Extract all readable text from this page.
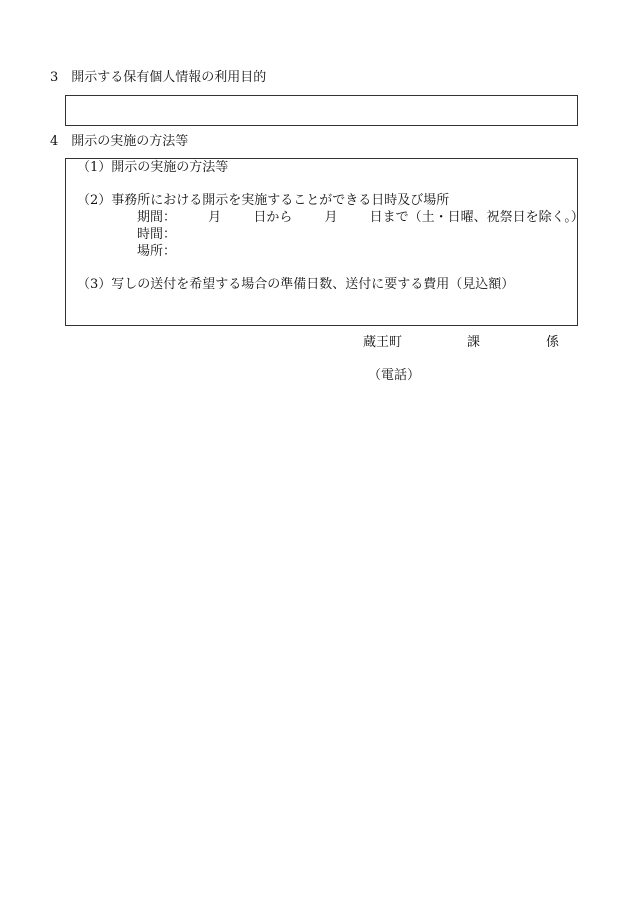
3　開示する保有個人情報の利用目的
4　開示の実施の方法等
（1）開示の実施の方法等
（2）事務所における開示を実施することができる日時及び場所
期間： 月 日から 月 日まで（土・日曜、祝祭日を除く。）
時間：
場所：
（3）写しの送付を希望する場合の準備日数、送付に要する費用（見込額）
蔵王町	課	係
（電話）
